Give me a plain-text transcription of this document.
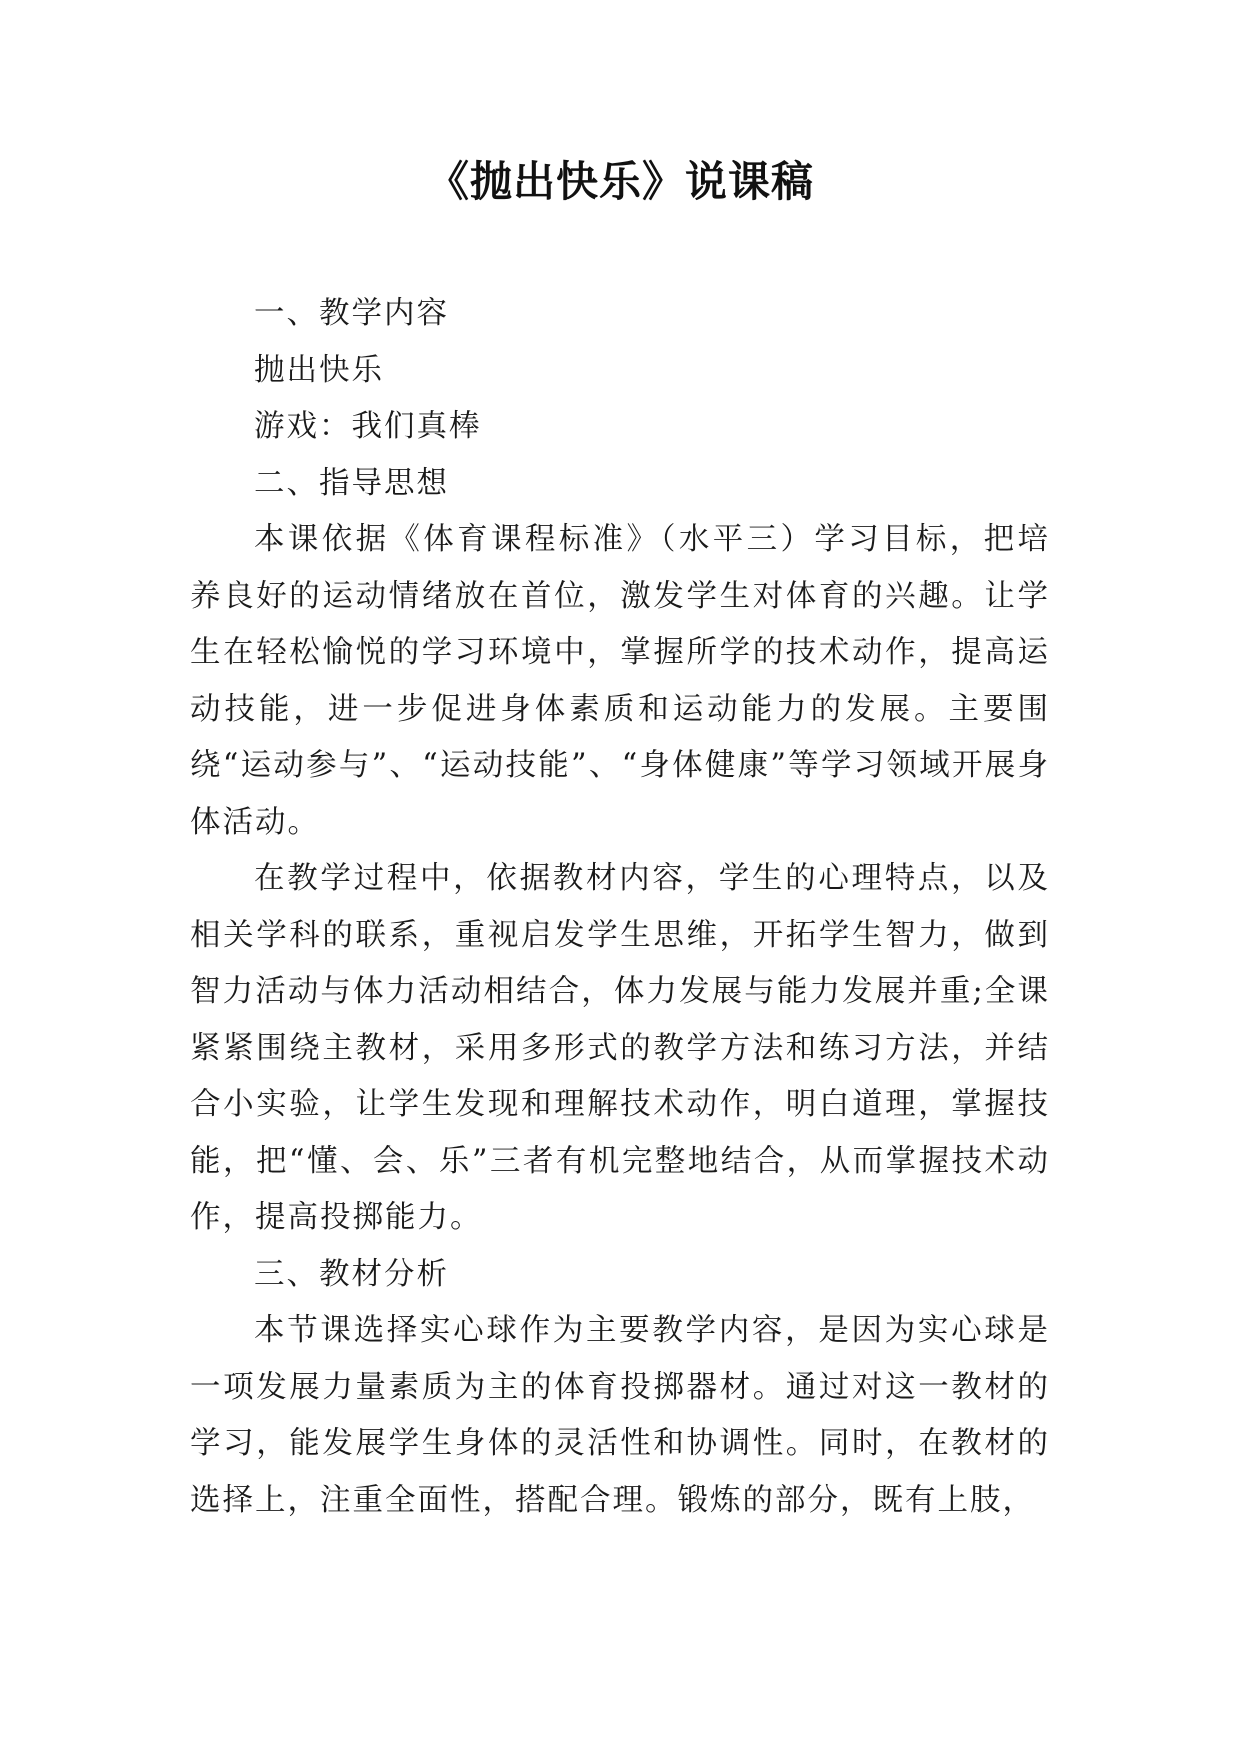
《抛出快乐》说课稿

一、教学内容

抛出快乐

游戏：我们真棒

二、指导思想

本课依据《体育课程标准》（水平三）学习目标，把培养良好的运动情绪放在首位，激发学生对体育的兴趣。让学生在轻松愉悦的学习环境中，掌握所学的技术动作，提高运动技能，进一步促进身体素质和运动能力的发展。主要围绕“运动参与”、“运动技能”、“身体健康”等学习领域开展身体活动。

在教学过程中，依据教材内容，学生的心理特点，以及相关学科的联系，重视启发学生思维，开拓学生智力，做到智力活动与体力活动相结合，体力发展与能力发展并重;全课紧紧围绕主教材，采用多形式的教学方法和练习方法，并结合小实验，让学生发现和理解技术动作，明白道理，掌握技能，把“懂、会、乐”三者有机完整地结合，从而掌握技术动作，提高投掷能力。

三、教材分析

本节课选择实心球作为主要教学内容，是因为实心球是一项发展力量素质为主的体育投掷器材。通过对这一教材的学习，能发展学生身体的灵活性和协调性。同时，在教材的选择上，注重全面性，搭配合理。锻炼的部分，既有上肢，
